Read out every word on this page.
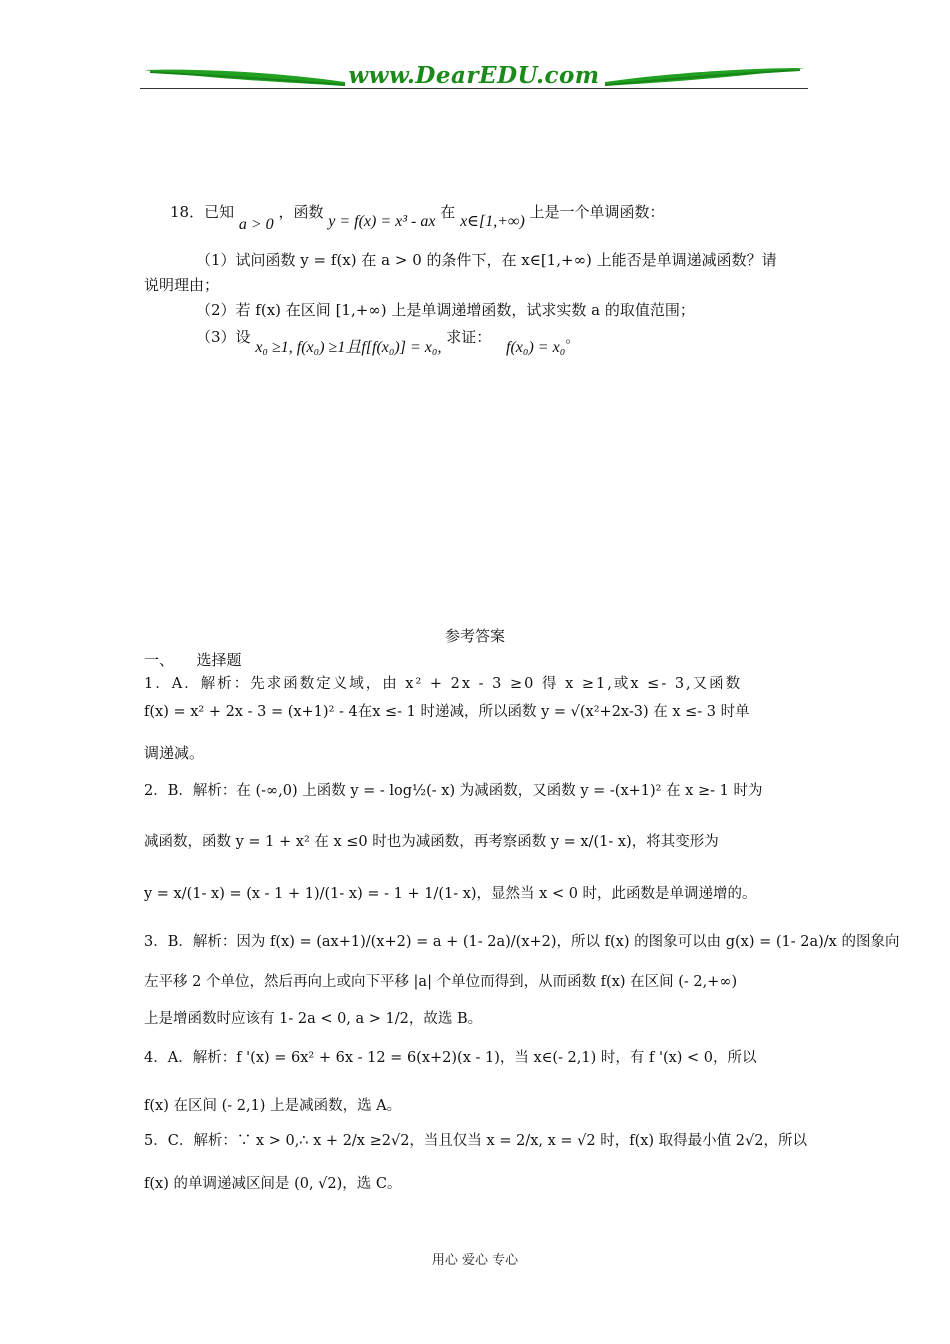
www.DearEDU.com
18．已知 a > 0 ，函数 y = f(x) = x³ - ax 在 x∈[1,+∞) 上是一个单调函数：
（1）试问函数 y = f(x) 在 a > 0 的条件下，在 x∈[1,+∞) 上能否是单调递减函数？请
说明理由；
（2）若 f(x) 在区间 [1,+∞) 上是单调递增函数，试求实数 a 的取值范围；
（3）设 x₀ ≥1, f(x₀) ≥1且f[f(x₀)] = x₀, 求证： f(x₀) = x₀。
参考答案
一、　　选择题
1．A．解析：先求函数定义域，由 x² + 2x - 3 ≥0 得 x ≥1,或x ≤- 3,又函数
f(x) = x² + 2x - 3 = (x+1)² - 4在x ≤- 1 时递减，所以函数 y = √(x²+2x-3) 在 x ≤- 3 时单
调递减。
2．B．解析：在 (-∞,0) 上函数 y = - log½(- x) 为减函数，又函数 y = -(x+1)² 在 x ≥- 1 时为
减函数，函数 y = 1 + x² 在 x ≤0 时也为减函数，再考察函数 y = x/(1- x)，将其变形为
y = x/(1- x) = (x - 1 + 1)/(1- x) = - 1 + 1/(1- x)，显然当 x < 0 时，此函数是单调递增的。
3．B．解析：因为 f(x) = (ax+1)/(x+2) = a + (1- 2a)/(x+2)，所以 f(x) 的图象可以由 g(x) = (1- 2a)/x 的图象向
左平移 2 个单位，然后再向上或向下平移 |a| 个单位而得到，从而函数 f(x) 在区间 (- 2,+∞)
上是增函数时应该有 1- 2a < 0, a > 1/2，故选 B。
4．A．解析：f '(x) = 6x² + 6x - 12 = 6(x+2)(x - 1)，当 x∈(- 2,1) 时，有 f '(x) < 0，所以
f(x) 在区间 (- 2,1) 上是减函数，选 A。
5．C．解析：∵ x > 0,∴ x + 2/x ≥2√2，当且仅当 x = 2/x, x = √2 时，f(x) 取得最小值 2√2，所以
f(x) 的单调递减区间是 (0, √2)，选 C。
用心 爱心 专心
